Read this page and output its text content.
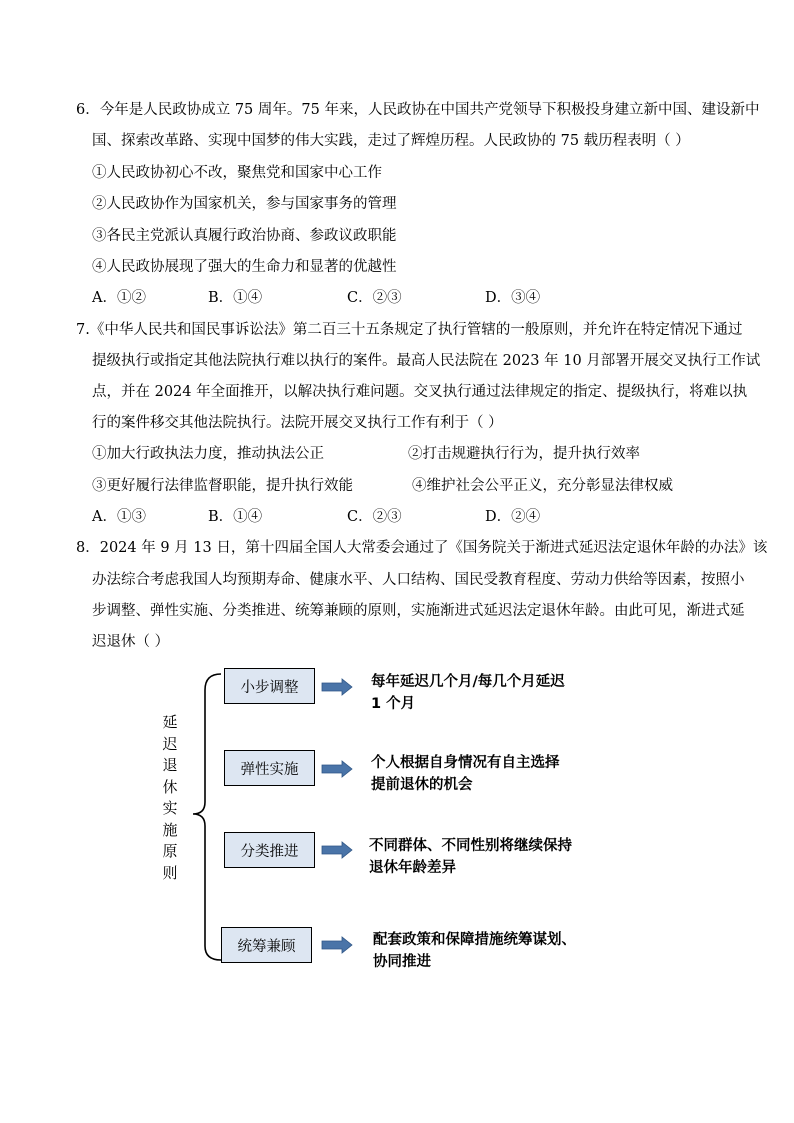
6．今年是人民政协成立 75 周年。75 年来，人民政协在中国共产党领导下积极投身建立新中国、建设新中
国、探索改革路、实现中国梦的伟大实践，走过了辉煌历程。人民政协的 75 载历程表明（ ）
①人民政协初心不改，聚焦党和国家中心工作
②人民政协作为国家机关，参与国家事务的管理
③各民主党派认真履行政治协商、参政议政职能
④人民政协展现了强大的生命力和显著的优越性
A．①②	B．①④	C．②③	D．③④
7.《中华人民共和国民事诉讼法》第二百三十五条规定了执行管辖的一般原则，并允许在特定情况下通过
提级执行或指定其他法院执行难以执行的案件。最高人民法院在 2023 年 10 月部署开展交叉执行工作试
点，并在 2024 年全面推开，以解决执行难问题。交叉执行通过法律规定的指定、提级执行，将难以执
行的案件移交其他法院执行。法院开展交叉执行工作有利于（ ）
①加大行政执法力度，推动执法公正	②打击规避执行行为，提升执行效率
③更好履行法律监督职能，提升执行效能	④维护社会公平正义，充分彰显法律权威
A．①③	B．①④	C．②③	D．②④
8．2024 年 9 月 13 日，第十四届全国人大常委会通过了《国务院关于渐进式延迟法定退休年龄的办法》该
办法综合考虑我国人均预期寿命、健康水平、人口结构、国民受教育程度、劳动力供给等因素，按照小
步调整、弹性实施、分类推进、统筹兼顾的原则，实施渐进式延迟法定退休年龄。由此可见，渐进式延
迟退休（ ）
延
迟
退
休
实
施
原
则
小步调整
弹性实施
分类推进
统筹兼顾
每年延迟几个月/每几个月延迟
1 个月
个人根据自身情况有自主选择
提前退休的机会
不同群体、不同性别将继续保持
退休年龄差异
配套政策和保障措施统筹谋划、
协同推进
